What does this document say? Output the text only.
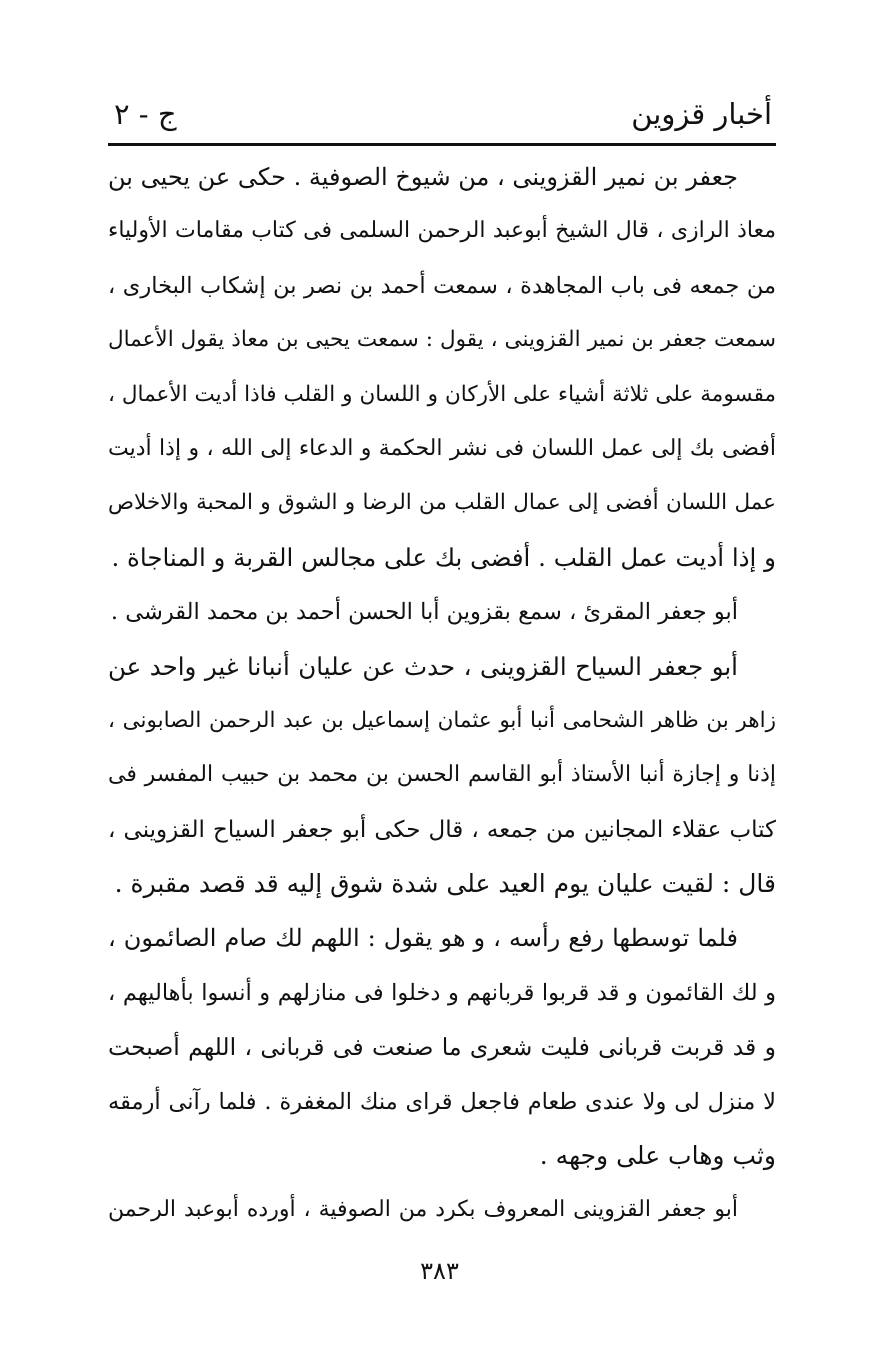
أخبار قزوين
ج - ٢
جعفر بن نمير القزوينى ، من شيوخ الصوفية . حكى عن يحيى بن
معاذ الرازى ، قال الشيخ أبوعبد الرحمن السلمى فى كتاب مقامات الأولياء
من جمعه فى باب المجاهدة ، سمعت أحمد بن نصر بن إشكاب البخارى ،
سمعت جعفر بن نمير القزوينى ، يقول : سمعت يحيى بن معاذ يقول الأعمال
مقسومة على ثلاثة أشياء على الأركان و اللسان و القلب فاذا أديت الأعمال ،
أفضى بك إلى عمل اللسان فى نشر الحكمة و الدعاء إلى الله ، و إذا أديت
عمل اللسان أفضى إلى عمال القلب من الرضا و الشوق و المحبة والاخلاص
و إذا أديت عمل القلب . أفضى بك على مجالس القربة و المناجاة .
أبو جعفر المقرئ ، سمع بقزوين أبا الحسن أحمد بن محمد القرشى .
أبو جعفر السياح القزوينى ، حدث عن عليان أنبانا غير واحد عن
زاهر بن ظاهر الشحامى أنبا أبو عثمان إسماعيل بن عبد الرحمن الصابونى ،
إذنا و إجازة أنبا الأستاذ أبو القاسم الحسن بن محمد بن حبيب المفسر فى
كتاب عقلاء المجانين من جمعه ، قال حكى أبو جعفر السياح القزوينى ،
قال : لقيت عليان يوم العيد على شدة شوق إليه قد قصد مقبرة .
فلما توسطها رفع رأسه ، و هو يقول : اللهم لك صام الصائمون ،
و لك القائمون و قد قربوا قربانهم و دخلوا فى منازلهم و أنسوا بأهاليهم ،
و قد قربت قربانى فليت شعرى ما صنعت فى قربانى ، اللهم أصبحت
لا منزل لى ولا عندى طعام فاجعل قراى منك المغفرة . فلما رآنى أرمقه
وثب وهاب على وجهه .
أبو جعفر القزوينى المعروف بكرد من الصوفية ، أورده أبوعبد الرحمن
٣٨٣
